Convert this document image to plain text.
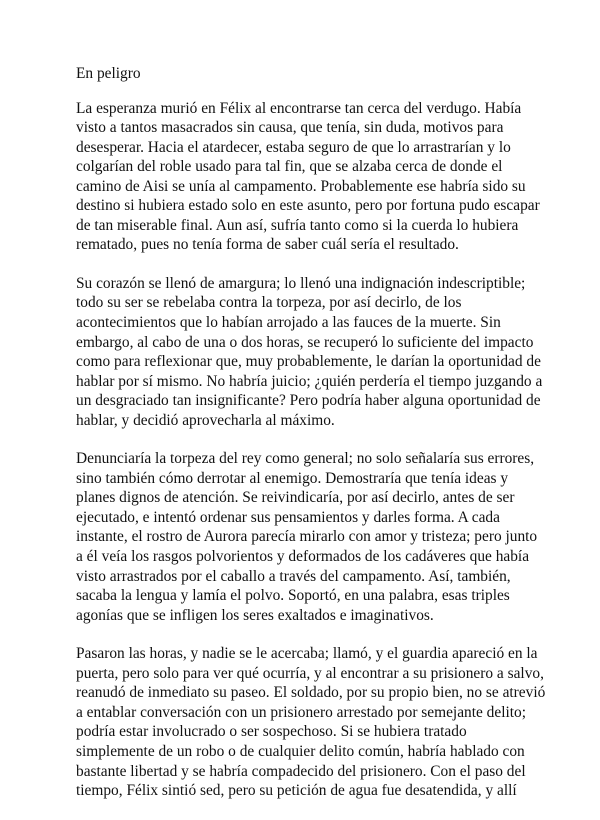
En peligro
La esperanza murió en Félix al encontrarse tan cerca del verdugo. Había
visto a tantos masacrados sin causa, que tenía, sin duda, motivos para
desesperar. Hacia el atardecer, estaba seguro de que lo arrastrarían y lo
colgarían del roble usado para tal fin, que se alzaba cerca de donde el
camino de Aisi se unía al campamento. Probablemente ese habría sido su
destino si hubiera estado solo en este asunto, pero por fortuna pudo escapar
de tan miserable final. Aun así, sufría tanto como si la cuerda lo hubiera
rematado, pues no tenía forma de saber cuál sería el resultado.
Su corazón se llenó de amargura; lo llenó una indignación indescriptible;
todo su ser se rebelaba contra la torpeza, por así decirlo, de los
acontecimientos que lo habían arrojado a las fauces de la muerte. Sin
embargo, al cabo de una o dos horas, se recuperó lo suficiente del impacto
como para reflexionar que, muy probablemente, le darían la oportunidad de
hablar por sí mismo. No habría juicio; ¿quién perdería el tiempo juzgando a
un desgraciado tan insignificante? Pero podría haber alguna oportunidad de
hablar, y decidió aprovecharla al máximo.
Denunciaría la torpeza del rey como general; no solo señalaría sus errores,
sino también cómo derrotar al enemigo. Demostraría que tenía ideas y
planes dignos de atención. Se reivindicaría, por así decirlo, antes de ser
ejecutado, e intentó ordenar sus pensamientos y darles forma. A cada
instante, el rostro de Aurora parecía mirarlo con amor y tristeza; pero junto
a él veía los rasgos polvorientos y deformados de los cadáveres que había
visto arrastrados por el caballo a través del campamento. Así, también,
sacaba la lengua y lamía el polvo. Soportó, en una palabra, esas triples
agonías que se infligen los seres exaltados e imaginativos.
Pasaron las horas, y nadie se le acercaba; llamó, y el guardia apareció en la
puerta, pero solo para ver qué ocurría, y al encontrar a su prisionero a salvo,
reanudó de inmediato su paseo. El soldado, por su propio bien, no se atrevió
a entablar conversación con un prisionero arrestado por semejante delito;
podría estar involucrado o ser sospechoso. Si se hubiera tratado
simplemente de un robo o de cualquier delito común, habría hablado con
bastante libertad y se habría compadecido del prisionero. Con el paso del
tiempo, Félix sintió sed, pero su petición de agua fue desatendida, y allí
